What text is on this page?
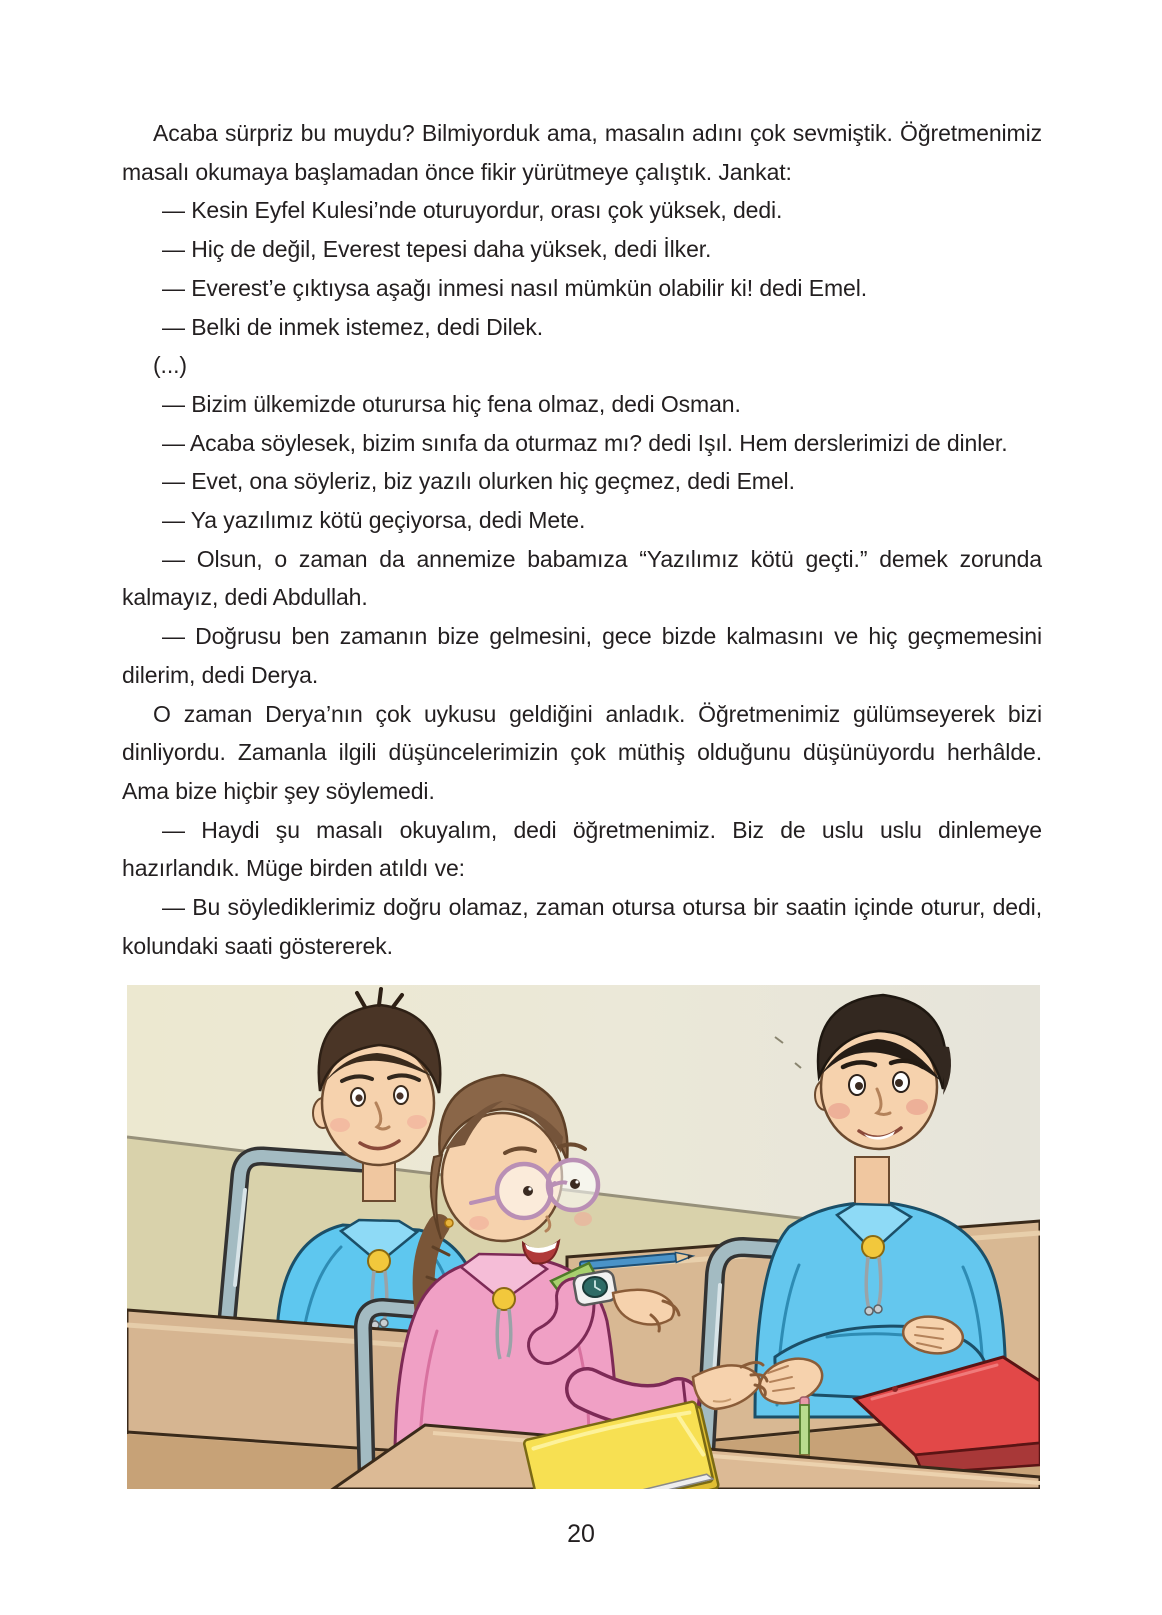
Acaba sürpriz bu muydu? Bilmiyorduk ama, masalın adını çok sevmiştik. Öğretmenimiz masalı okumaya başlamadan önce fikir yürütmeye çalıştık. Jankat:

— Kesin Eyfel Kulesi’nde oturuyordur, orası çok yüksek, dedi.

— Hiç de değil, Everest tepesi daha yüksek, dedi İlker.

— Everest’e çıktıysa aşağı inmesi nasıl mümkün olabilir ki! dedi Emel.

— Belki de inmek istemez, dedi Dilek.

(...)

— Bizim ülkemizde oturursa hiç fena olmaz, dedi Osman.

— Acaba söylesek, bizim sınıfa da oturmaz mı? dedi Işıl. Hem derslerimizi de dinler.

— Evet, ona söyleriz, biz yazılı olurken hiç geçmez, dedi Emel.

— Ya yazılımız kötü geçiyorsa, dedi Mete.

— Olsun, o zaman da annemize babamıza “Yazılımız kötü geçti.” demek zorunda kalmayız, dedi Abdullah.

— Doğrusu ben zamanın bize gelmesini, gece bizde kalmasını ve hiç geçmemesini dilerim, dedi Derya.

O zaman Derya’nın çok uykusu geldiğini anladık. Öğretmenimiz gülümseyerek bizi dinliyordu. Zamanla ilgili düşüncelerimizin çok müthiş olduğunu düşünüyordu herhâlde. Ama bize hiçbir şey söylemedi.

— Haydi şu masalı okuyalım, dedi öğretmenimiz. Biz de uslu uslu dinlemeye hazırlandık. Müge birden atıldı ve:

— Bu söylediklerimiz doğru olamaz, zaman otursa otursa bir saatin içinde oturur, dedi, kolundaki saati göstererek.

20
